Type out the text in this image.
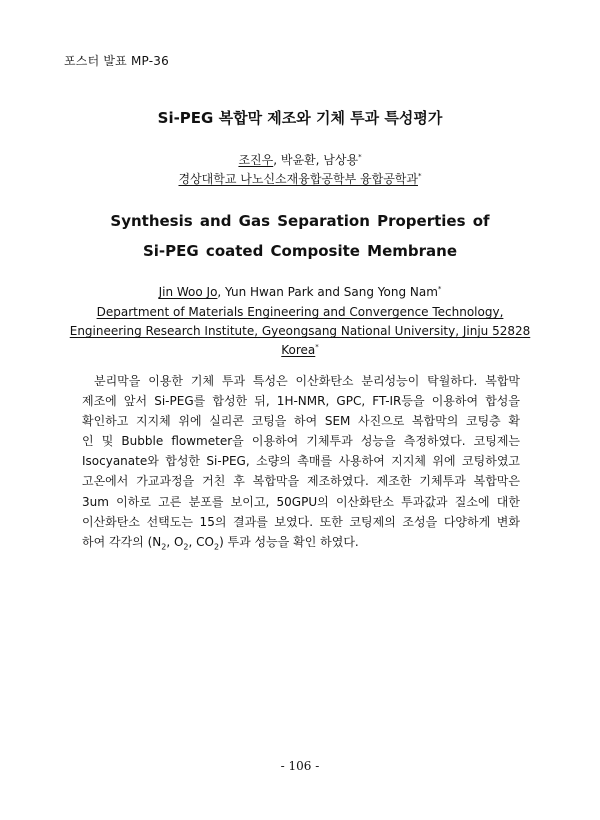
포스터 발표 MP-36
Si-PEG 복합막 제조와 기체 투과 특성평가
조진우, 박윤환, 남상용*
경상대학교 나노신소재융합공학부 융합공학과*
Synthesis and Gas Separation Properties of
Si-PEG coated Composite Membrane
Jin Woo Jo, Yun Hwan Park and Sang Yong Nam*
Department of Materials Engineering and Convergence Technology,
Engineering Research Institute, Gyeongsang National University, Jinju 52828
Korea*
분리막을 이용한 기체 투과 특성은 이산화탄소 분리성능이 탁월하다. 복합막
제조에 앞서 Si-PEG를 합성한 뒤, 1H-NMR, GPC, FT-IR등을 이용하여 합성을
확인하고 지지체 위에 실리콘 코팅을 하여 SEM 사진으로 복합막의 코팅층 확
인 및 Bubble flowmeter을 이용하여 기체투과 성능을 측정하였다. 코팅제는
Isocyanate와 합성한 Si-PEG, 소량의 촉매를 사용하여 지지체 위에 코팅하였고
고온에서 가교과정을 거친 후 복합막을 제조하였다. 제조한 기체투과 복합막은
3um 이하로 고른 분포를 보이고, 50GPU의 이산화탄소 투과값과 질소에 대한
이산화탄소 선택도는 15의 결과를 보였다. 또한 코팅제의 조성을 다양하게 변화
하여 각각의 ($N_2$, $O_2$, $CO_2$) 투과 성능을 확인 하였다.
- 106 -
